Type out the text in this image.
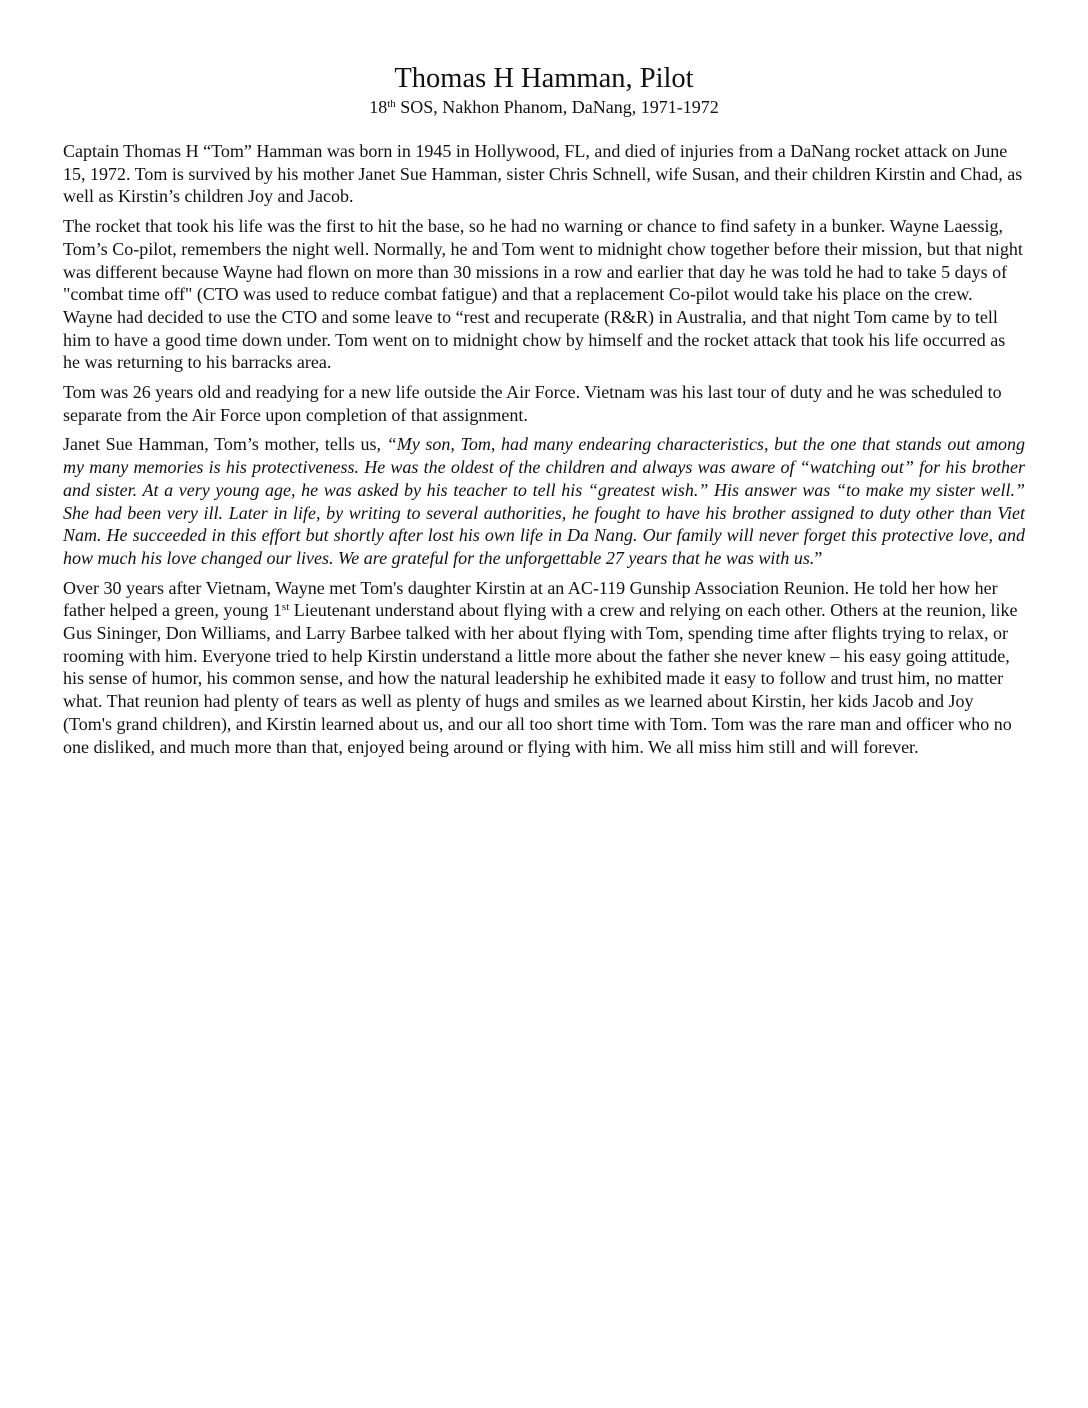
Thomas H Hamman, Pilot
18th SOS, Nakhon Phanom, DaNang, 1971-1972

Captain Thomas H “Tom” Hamman was born in 1945 in Hollywood, FL, and died of injuries from a DaNang rocket attack on June 15, 1972. Tom is survived by his mother Janet Sue Hamman, sister Chris Schnell, wife Susan, and their children Kirstin and Chad, as well as Kirstin’s children Joy and Jacob.

The rocket that took his life was the first to hit the base, so he had no warning or chance to find safety in a bunker. Wayne Laessig, Tom’s Co-pilot, remembers the night well. Normally, he and Tom went to midnight chow together before their mission, but that night was different because Wayne had flown on more than 30 missions in a row and earlier that day he was told he had to take 5 days of "combat time off" (CTO was used to reduce combat fatigue) and that a replacement Co-pilot would take his place on the crew. Wayne had decided to use the CTO and some leave to “rest and recuperate (R&R) in Australia, and that night Tom came by to tell him to have a good time down under. Tom went on to midnight chow by himself and the rocket attack that took his life occurred as he was returning to his barracks area.

Tom was 26 years old and readying for a new life outside the Air Force. Vietnam was his last tour of duty and he was scheduled to separate from the Air Force upon completion of that assignment.

Janet Sue Hamman, Tom’s mother, tells us, “My son, Tom, had many endearing characteristics, but the one that stands out among my many memories is his protectiveness. He was the oldest of the children and always was aware of “watching out” for his brother and sister. At a very young age, he was asked by his teacher to tell his “greatest wish.” His answer was “to make my sister well.” She had been very ill. Later in life, by writing to several authorities, he fought to have his brother assigned to duty other than Viet Nam. He succeeded in this effort but shortly after lost his own life in Da Nang. Our family will never forget this protective love, and how much his love changed our lives. We are grateful for the unforgettable 27 years that he was with us.”

Over 30 years after Vietnam, Wayne met Tom's daughter Kirstin at an AC-119 Gunship Association Reunion. He told her how her father helped a green, young 1st Lieutenant understand about flying with a crew and relying on each other. Others at the reunion, like Gus Sininger, Don Williams, and Larry Barbee talked with her about flying with Tom, spending time after flights trying to relax, or rooming with him. Everyone tried to help Kirstin understand a little more about the father she never knew – his easy going attitude, his sense of humor, his common sense, and how the natural leadership he exhibited made it easy to follow and trust him, no matter what. That reunion had plenty of tears as well as plenty of hugs and smiles as we learned about Kirstin, her kids Jacob and Joy (Tom's grand children), and Kirstin learned about us, and our all too short time with Tom. Tom was the rare man and officer who no one disliked, and much more than that, enjoyed being around or flying with him. We all miss him still and will forever.
